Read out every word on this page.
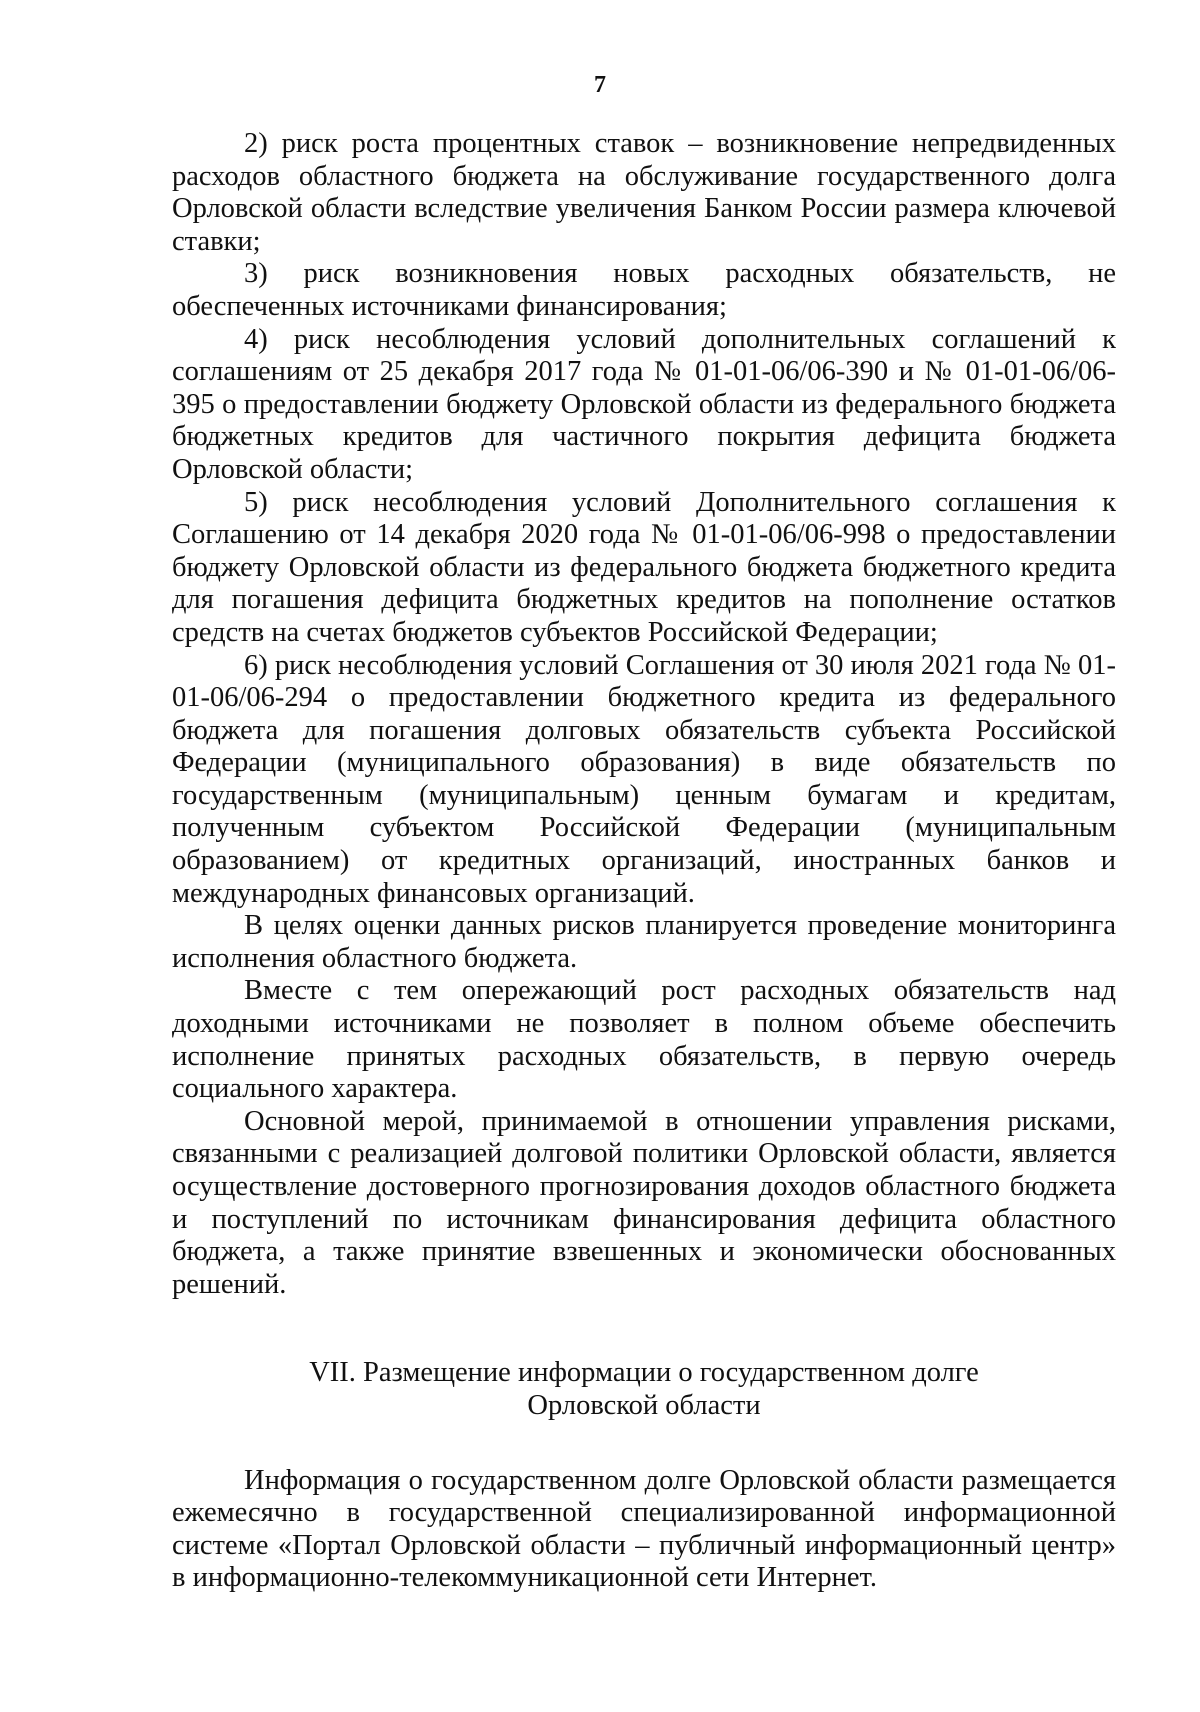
7

2) риск роста процентных ставок – возникновение непредвиденных расходов областного бюджета на обслуживание государственного долга Орловской области вследствие увеличения Банком России размера ключевой ставки;

3) риск возникновения новых расходных обязательств, не обеспеченных источниками финансирования;

4) риск несоблюдения условий дополнительных соглашений к соглашениям от 25 декабря 2017 года № 01-01-06/06-390 и № 01-01-06/06-395 о предоставлении бюджету Орловской области из федерального бюджета бюджетных кредитов для частичного покрытия дефицита бюджета Орловской области;

5) риск несоблюдения условий Дополнительного соглашения к Соглашению от 14 декабря 2020 года № 01-01-06/06-998 о предоставлении бюджету Орловской области из федерального бюджета бюджетного кредита для погашения дефицита бюджетных кредитов на пополнение остатков средств на счетах бюджетов субъектов Российской Федерации;

6) риск несоблюдения условий Соглашения от 30 июля 2021 года № 01-01-06/06-294 о предоставлении бюджетного кредита из федерального бюджета для погашения долговых обязательств субъекта Российской Федерации (муниципального образования) в виде обязательств по государственным (муниципальным) ценным бумагам и кредитам, полученным субъектом Российской Федерации (муниципальным образованием) от кредитных организаций, иностранных банков и международных финансовых организаций.

В целях оценки данных рисков планируется проведение мониторинга исполнения областного бюджета.

Вместе с тем опережающий рост расходных обязательств над доходными источниками не позволяет в полном объеме обеспечить исполнение принятых расходных обязательств, в первую очередь социального характера.

Основной мерой, принимаемой в отношении управления рисками, связанными с реализацией долговой политики Орловской области, является осуществление достоверного прогнозирования доходов областного бюджета и поступлений по источникам финансирования дефицита областного бюджета, а также принятие взвешенных и экономически обоснованных решений.

VII. Размещение информации о государственном долге
Орловской области

Информация о государственном долге Орловской области размещается ежемесячно в государственной специализированной информационной системе «Портал Орловской области – публичный информационный центр» в информационно-телекоммуникационной сети Интернет.
